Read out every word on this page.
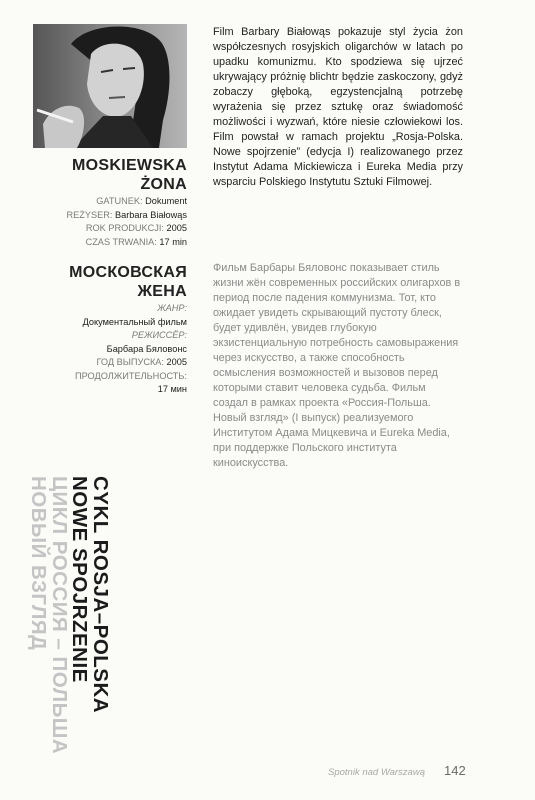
MOSKIEWSKA
ŻONA
GATUNEK: Dokument
REŻYSER: Barbara Białowąs
ROK PRODUKCJI: 2005
CZAS TRWANIA: 17 min
МОСКОВСКАЯ
ЖЕНА
ЖАНР:
Документальный фильм
РЕЖИССЁР:
Барбара Бяловонс
ГОД ВЫПУСКА: 2005
ПРОДОЛЖИТЕЛЬНОСТЬ:
17 мин
Film Barbary Białowąs pokazuje styl życia żon współczesnych rosyjskich oligarchów w latach po upadku komunizmu. Kto spodziewa się ujrzeć ukrywający próżnię blichtr będzie zaskoczony, gdyż zobaczy głęboką, egzystencjalną potrzebę wyrażenia się przez sztukę oraz świadomość możliwości i wyzwań, które niesie człowiekowi los. Film powstał w ramach projektu „Rosja-Polska. Nowe spojrzenie” (edycja I) realizowanego przez Instytut Adama Mickiewicza i Eureka Media przy wsparciu Polskiego Instytutu Sztuki Filmowej.
Фильм Барбары Бяловонс показывает стиль жизни жён современных российских олигархов в период после падения коммунизма. Тот, кто ожидает увидеть скрывающий пустоту блеск, будет удивлён, увидев глубокую экзистенциальную потребность самовыражения через искусство, а также способность осмысления возможностей и вызовов перед которыми ставит человека судьба. Фильм создал в рамках проекта «Россия-Польша. Новый взгляд» (I выпуск) реализуемого Институтом Адама Мицкевича и Eureka Media, при поддержке Польского института киноискусства.
CYKL ROSJA–POLSKA
NOWE SPOJRZENIE
ЦИКЛ РОССИЯ – ПОЛЬША
НОВЫЙ ВЗГЛЯД
Spotnik nad Warszawą 142
